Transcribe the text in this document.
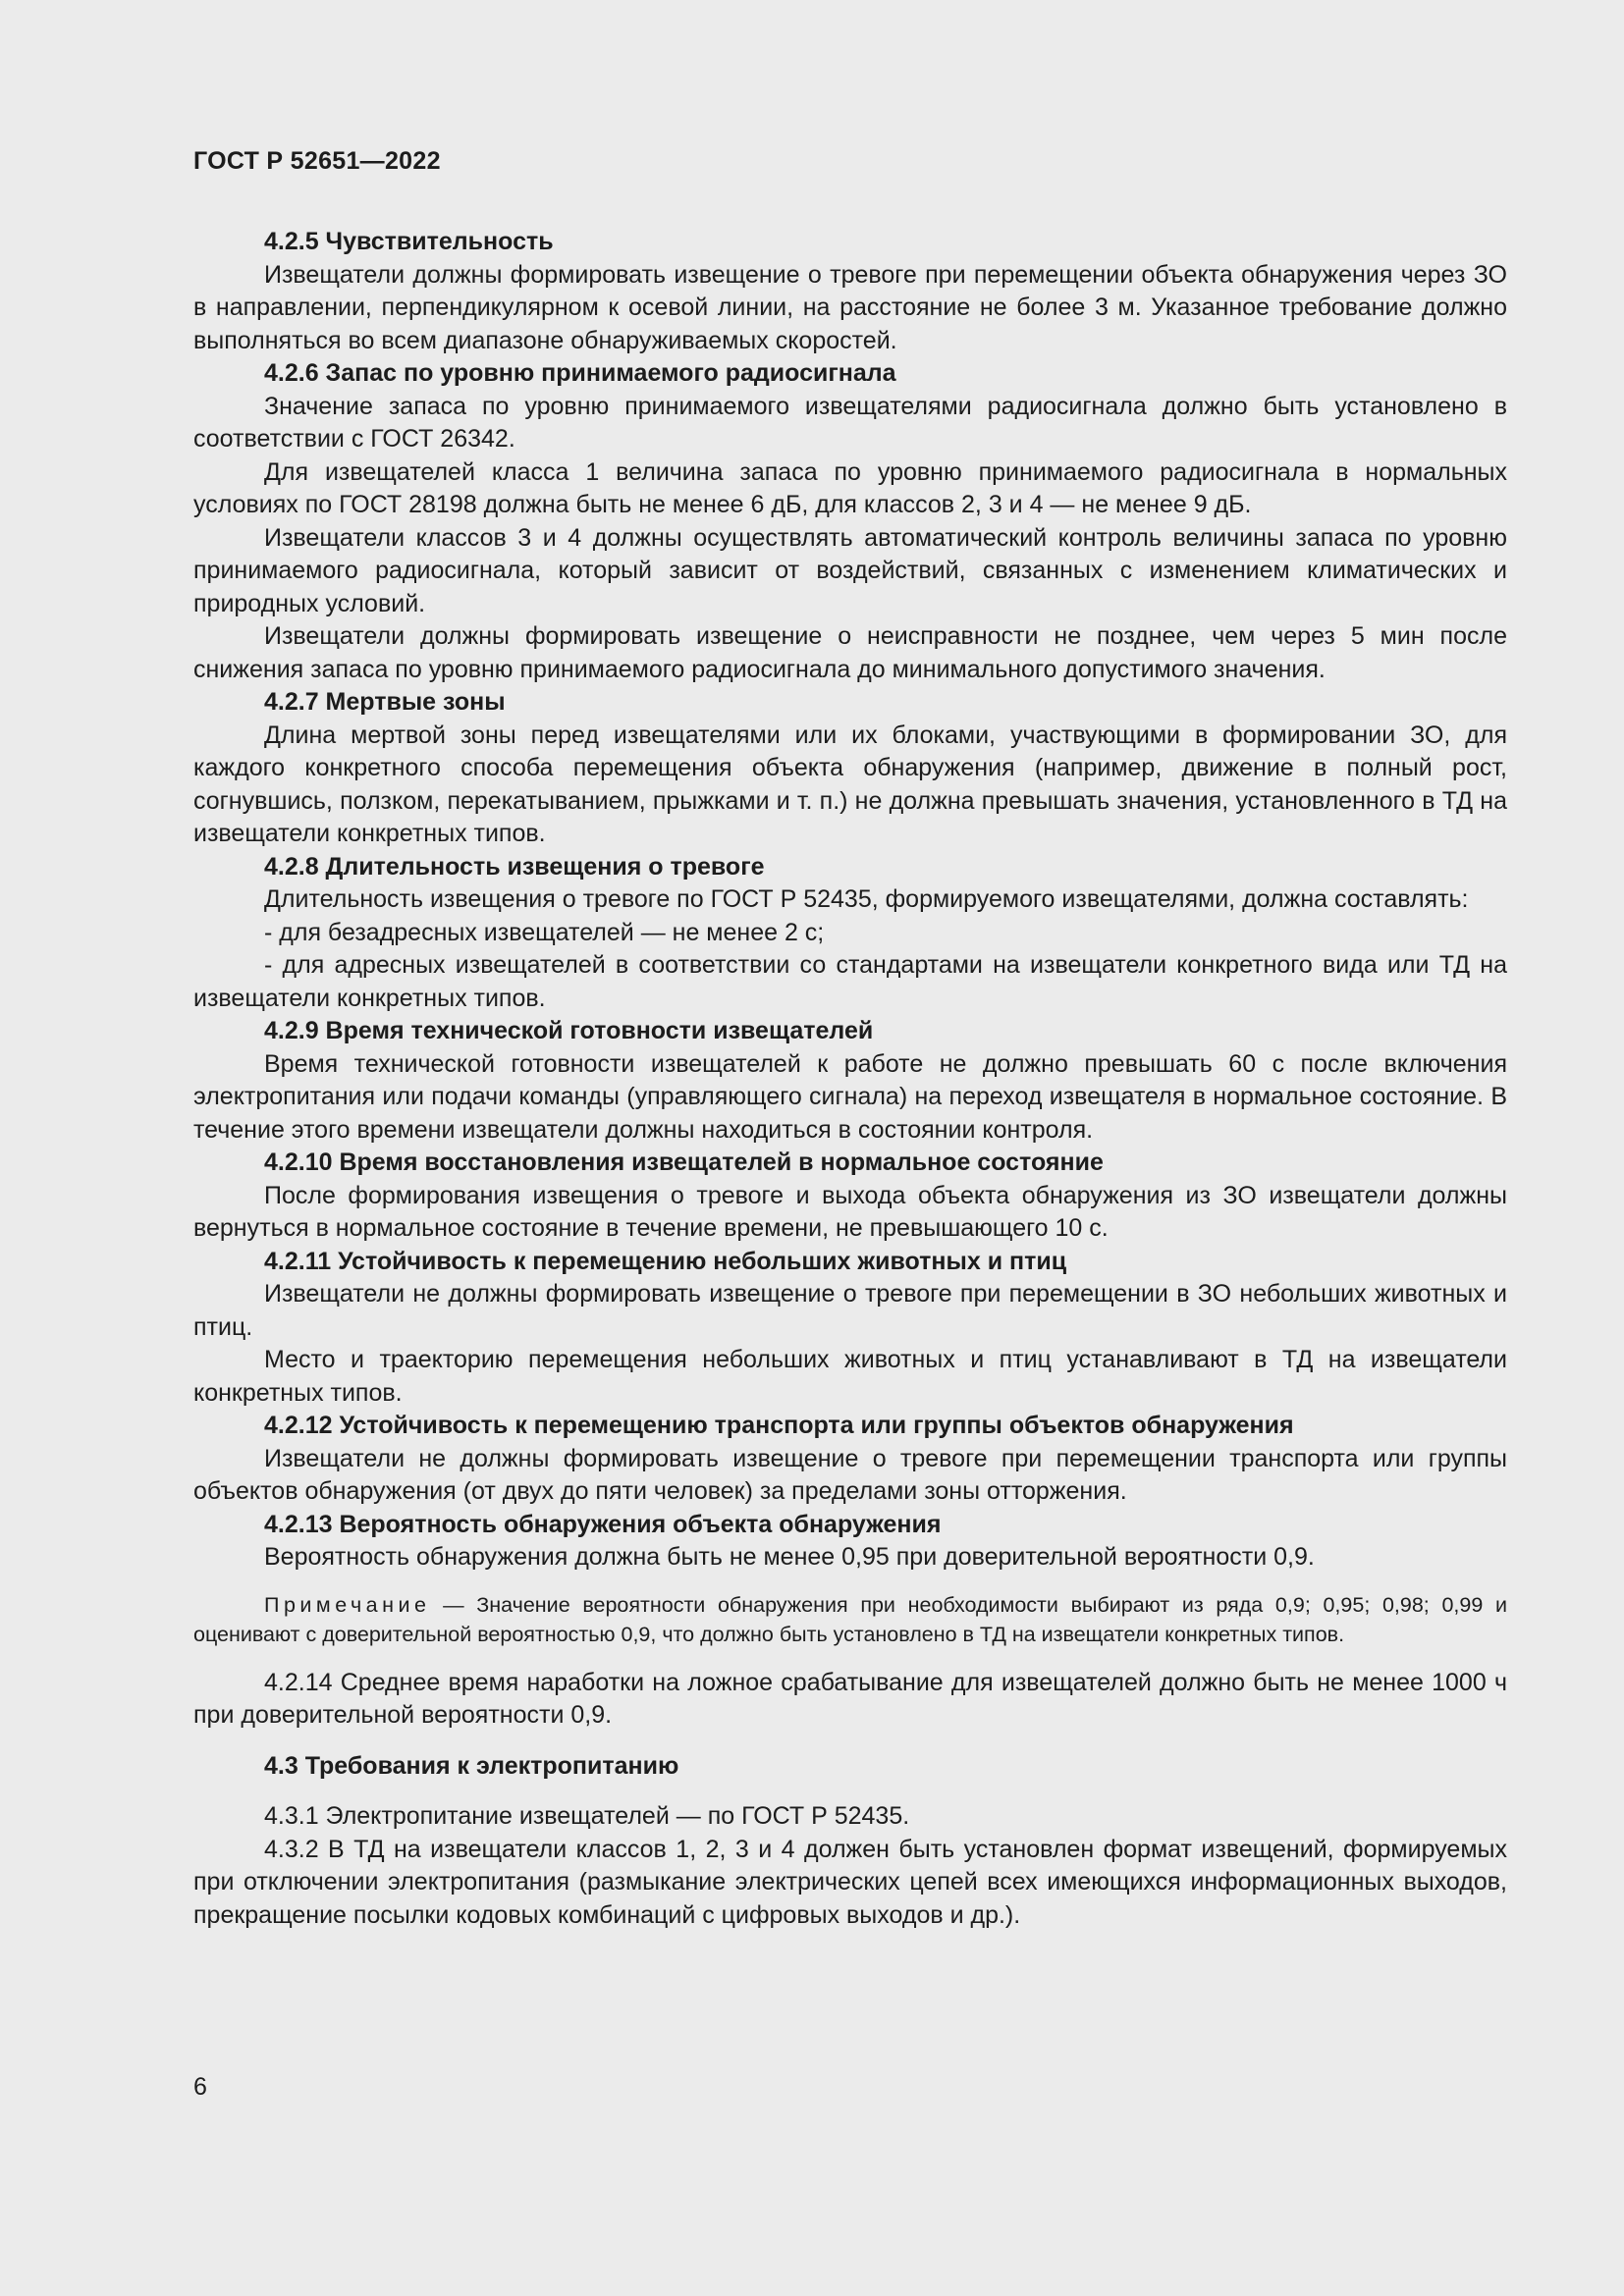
ГОСТ Р 52651—2022
4.2.5 Чувствительность
Извещатели должны формировать извещение о тревоге при перемещении объекта обнаружения через ЗО в направлении, перпендикулярном к осевой линии, на расстояние не более 3 м. Указанное требование должно выполняться во всем диапазоне обнаруживаемых скоростей.
4.2.6 Запас по уровню принимаемого радиосигнала
Значение запаса по уровню принимаемого извещателями радиосигнала должно быть установлено в соответствии с ГОСТ 26342.
Для извещателей класса 1 величина запаса по уровню принимаемого радиосигнала в нормальных условиях по ГОСТ 28198 должна быть не менее 6 дБ, для классов 2, 3 и 4 — не менее 9 дБ.
Извещатели классов 3 и 4 должны осуществлять автоматический контроль величины запаса по уровню принимаемого радиосигнала, который зависит от воздействий, связанных с изменением климатических и природных условий.
Извещатели должны формировать извещение о неисправности не позднее, чем через 5 мин после снижения запаса по уровню принимаемого радиосигнала до минимального допустимого значения.
4.2.7 Мертвые зоны
Длина мертвой зоны перед извещателями или их блоками, участвующими в формировании ЗО, для каждого конкретного способа перемещения объекта обнаружения (например, движение в полный рост, согнувшись, ползком, перекатыванием, прыжками и т. п.) не должна превышать значения, установленного в ТД на извещатели конкретных типов.
4.2.8 Длительность извещения о тревоге
Длительность извещения о тревоге по ГОСТ Р 52435, формируемого извещателями, должна составлять:
- для безадресных извещателей — не менее 2 с;
- для адресных извещателей в соответствии со стандартами на извещатели конкретного вида или ТД на извещатели конкретных типов.
4.2.9 Время технической готовности извещателей
Время технической готовности извещателей к работе не должно превышать 60 с после включения электропитания или подачи команды (управляющего сигнала) на переход извещателя в нормальное состояние. В течение этого времени извещатели должны находиться в состоянии контроля.
4.2.10 Время восстановления извещателей в нормальное состояние
После формирования извещения о тревоге и выхода объекта обнаружения из ЗО извещатели должны вернуться в нормальное состояние в течение времени, не превышающего 10 с.
4.2.11 Устойчивость к перемещению небольших животных и птиц
Извещатели не должны формировать извещение о тревоге при перемещении в ЗО небольших животных и птиц.
Место и траекторию перемещения небольших животных и птиц устанавливают в ТД на извещатели конкретных типов.
4.2.12 Устойчивость к перемещению транспорта или группы объектов обнаружения
Извещатели не должны формировать извещение о тревоге при перемещении транспорта или группы объектов обнаружения (от двух до пяти человек) за пределами зоны отторжения.
4.2.13 Вероятность обнаружения объекта обнаружения
Вероятность обнаружения должна быть не менее 0,95 при доверительной вероятности 0,9.
Примечание — Значение вероятности обнаружения при необходимости выбирают из ряда 0,9; 0,95; 0,98; 0,99 и оценивают с доверительной вероятностью 0,9, что должно быть установлено в ТД на извещатели конкретных типов.
4.2.14 Среднее время наработки на ложное срабатывание для извещателей должно быть не менее 1000 ч при доверительной вероятности 0,9.
4.3 Требования к электропитанию
4.3.1 Электропитание извещателей — по ГОСТ Р 52435.
4.3.2 В ТД на извещатели классов 1, 2, 3 и 4 должен быть установлен формат извещений, формируемых при отключении электропитания (размыкание электрических цепей всех имеющихся информационных выходов, прекращение посылки кодовых комбинаций с цифровых выходов и др.).
6
